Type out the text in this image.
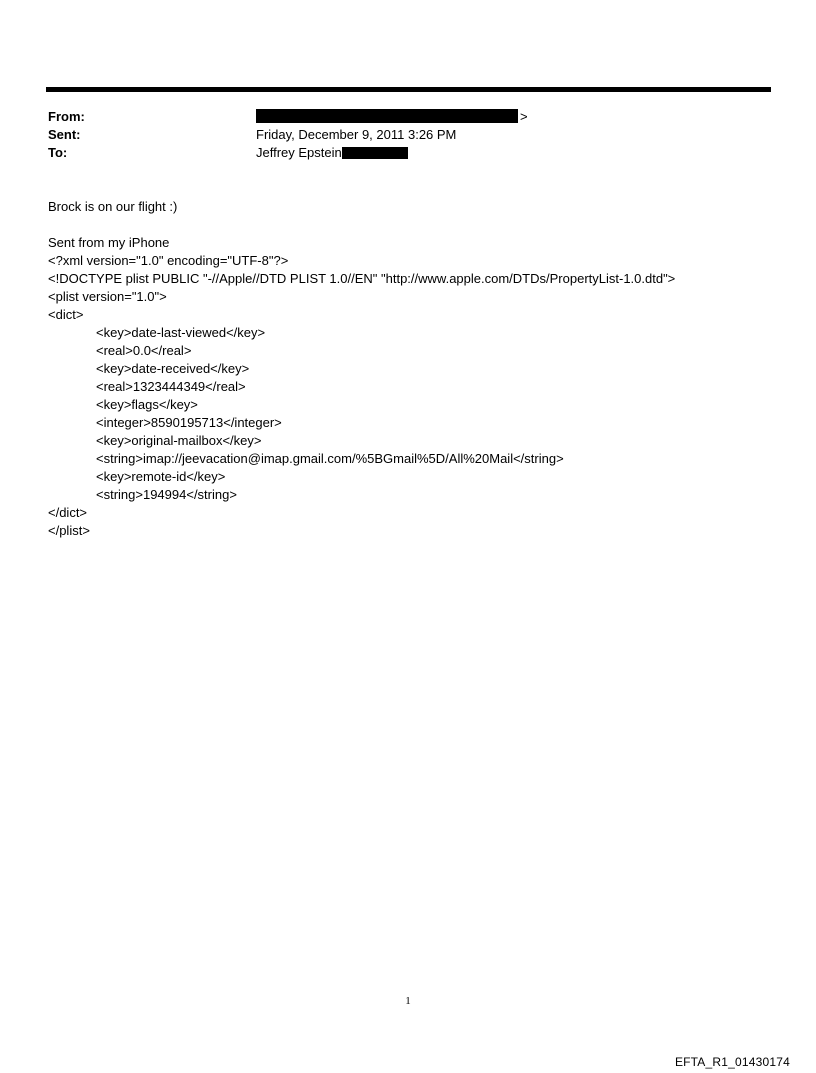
From:	>
Sent:	Friday, December 9, 2011 3:26 PM
To:	Jeffrey Epstein
Brock is on our flight :)
Sent from my iPhone
<?xml version="1.0" encoding="UTF-8"?>
<!DOCTYPE plist PUBLIC "-//Apple//DTD PLIST 1.0//EN" "http://www.apple.com/DTDs/PropertyList-1.0.dtd">
<plist version="1.0">
<dict>
<key>date-last-viewed</key>
<real>0.0</real>
<key>date-received</key>
<real>1323444349</real>
<key>flags</key>
<integer>8590195713</integer>
<key>original-mailbox</key>
<string>imap://jeevacation@imap.gmail.com/%5BGmail%5D/All%20Mail</string>
<key>remote-id</key>
<string>194994</string>
</dict>
</plist>
1
EFTA_R1_01430174
